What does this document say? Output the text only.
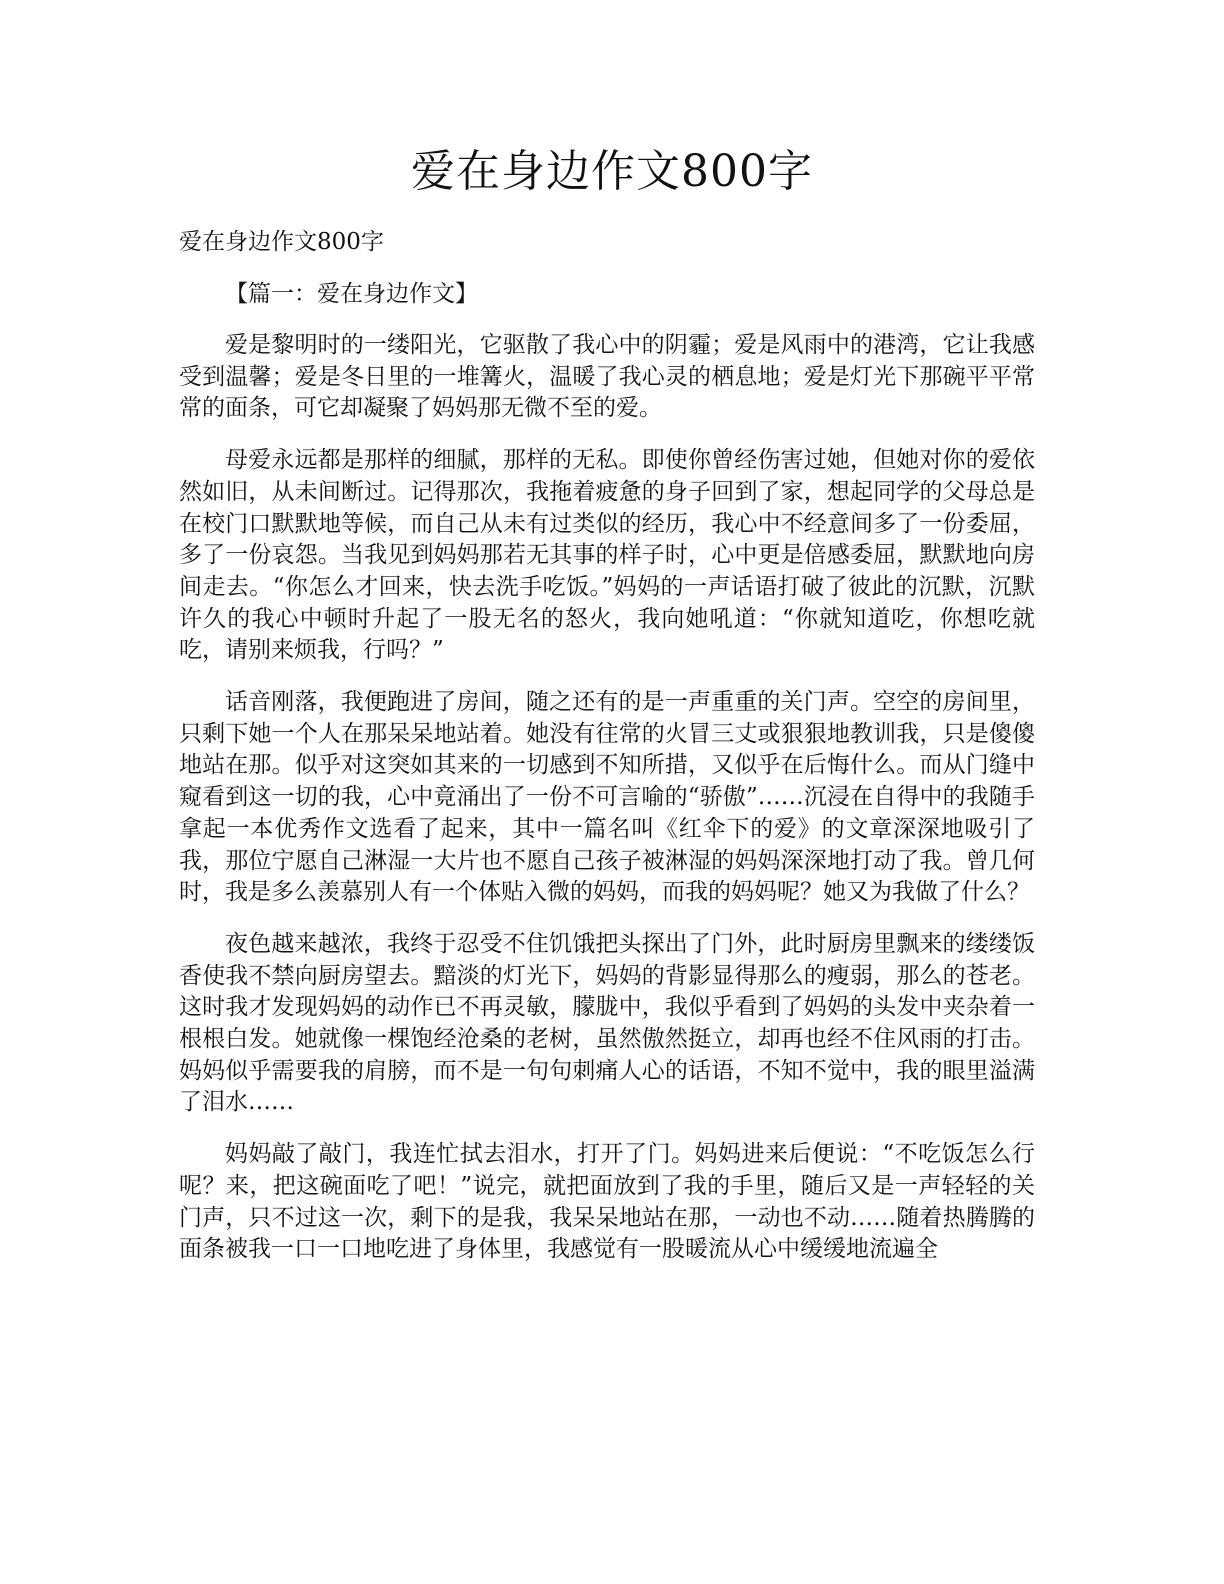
爱在身边作文800字

爱在身边作文800字

【篇一：爱在身边作文】

爱是黎明时的一缕阳光，它驱散了我心中的阴霾；爱是风雨中的港湾，它让我感受到温馨；爱是冬日里的一堆篝火，温暖了我心灵的栖息地；爱是灯光下那碗平平常常的面条，可它却凝聚了妈妈那无微不至的爱。

母爱永远都是那样的细腻，那样的无私。即使你曾经伤害过她，但她对你的爱依然如旧，从未间断过。记得那次，我拖着疲惫的身子回到了家，想起同学的父母总是在校门口默默地等候，而自己从未有过类似的经历，我心中不经意间多了一份委屈，多了一份哀怨。当我见到妈妈那若无其事的样子时，心中更是倍感委屈，默默地向房间走去。“你怎么才回来，快去洗手吃饭。”妈妈的一声话语打破了彼此的沉默，沉默许久的我心中顿时升起了一股无名的怒火，我向她吼道：“你就知道吃，你想吃就吃，请别来烦我，行吗？”

话音刚落，我便跑进了房间，随之还有的是一声重重的关门声。空空的房间里，只剩下她一个人在那呆呆地站着。她没有往常的火冒三丈或狠狠地教训我，只是傻傻地站在那。似乎对这突如其来的一切感到不知所措，又似乎在后悔什么。而从门缝中窥看到这一切的我，心中竟涌出了一份不可言喻的“骄傲”……沉浸在自得中的我随手拿起一本优秀作文选看了起来，其中一篇名叫《红伞下的爱》的文章深深地吸引了我，那位宁愿自己淋湿一大片也不愿自己孩子被淋湿的妈妈深深地打动了我。曾几何时，我是多么羡慕别人有一个体贴入微的妈妈，而我的妈妈呢？她又为我做了什么？

夜色越来越浓，我终于忍受不住饥饿把头探出了门外，此时厨房里飘来的缕缕饭香使我不禁向厨房望去。黯淡的灯光下，妈妈的背影显得那么的瘦弱，那么的苍老。这时我才发现妈妈的动作已不再灵敏，朦胧中，我似乎看到了妈妈的头发中夹杂着一根根白发。她就像一棵饱经沧桑的老树，虽然傲然挺立，却再也经不住风雨的打击。妈妈似乎需要我的肩膀，而不是一句句刺痛人心的话语，不知不觉中，我的眼里溢满了泪水……

妈妈敲了敲门，我连忙拭去泪水，打开了门。妈妈进来后便说：“不吃饭怎么行呢？来，把这碗面吃了吧！”说完，就把面放到了我的手里，随后又是一声轻轻的关门声，只不过这一次，剩下的是我，我呆呆地站在那，一动也不动……随着热腾腾的面条被我一口一口地吃进了身体里，我感觉有一股暖流从心中缓缓地流遍全
